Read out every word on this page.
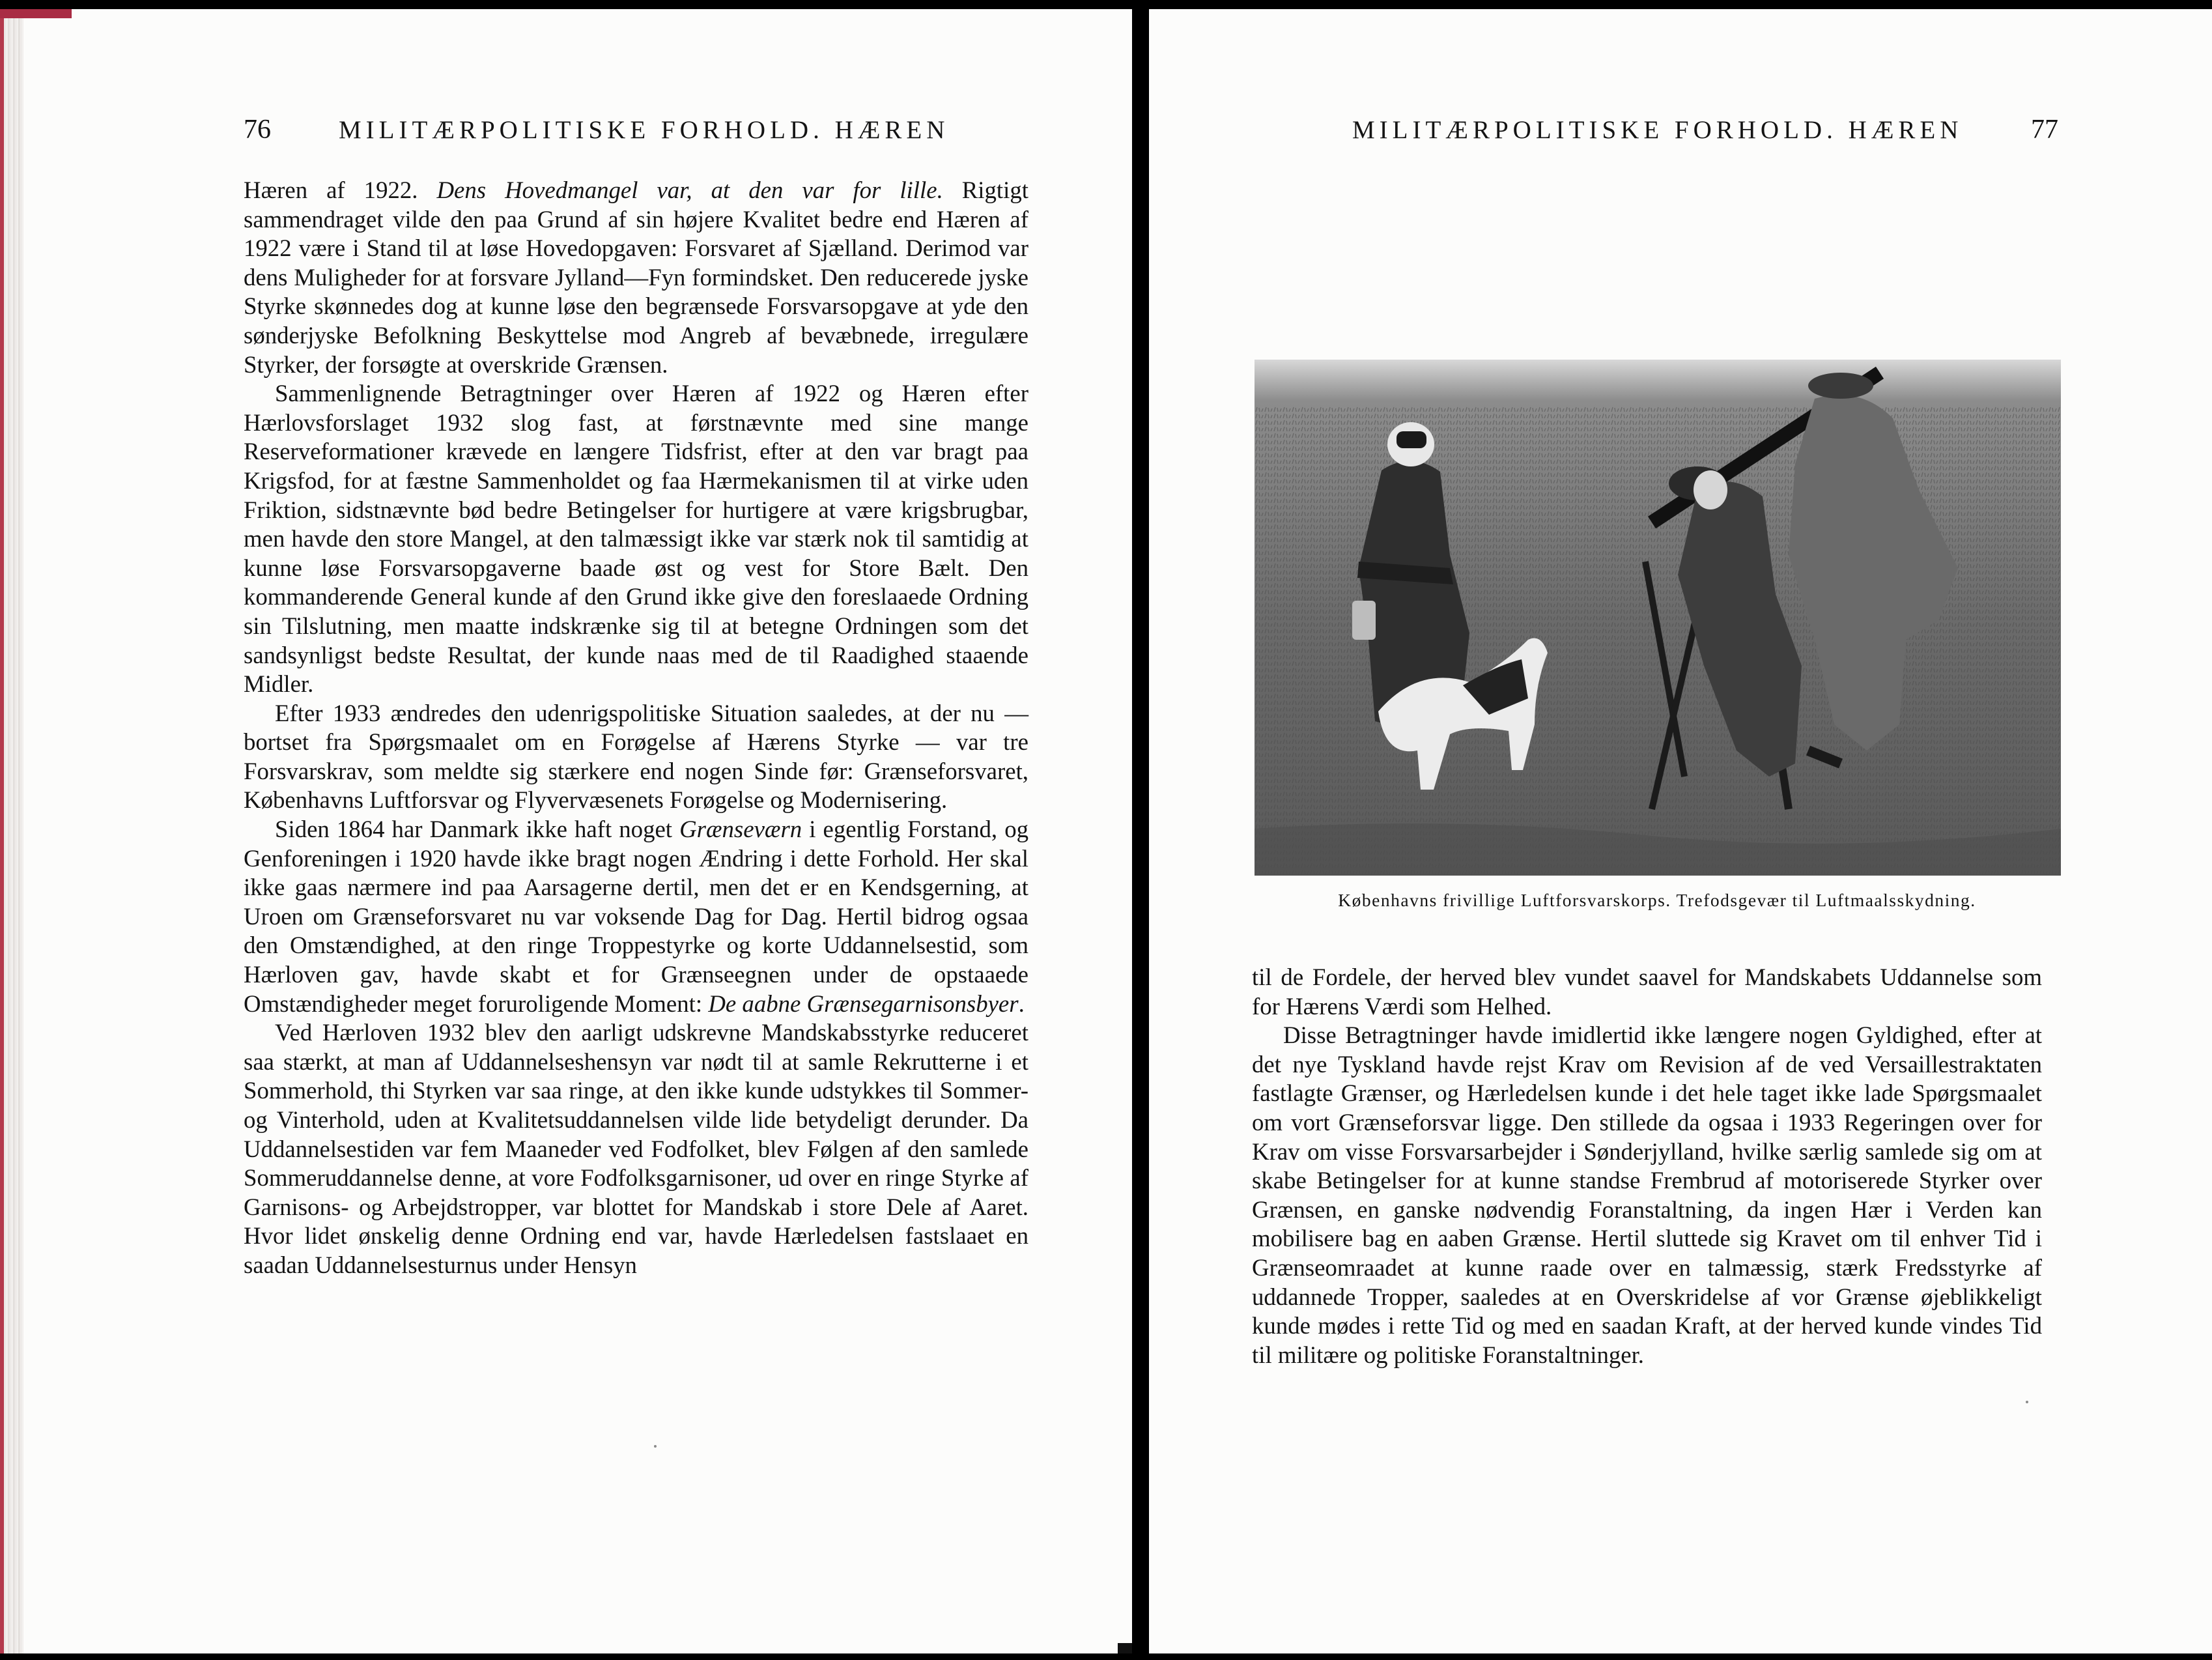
76	MILITÆRPOLITISKE FORHOLD. HÆREN

Hæren af 1922. Dens Hovedmangel var, at den var for lille. Rigtigt sammendraget vilde den paa Grund af sin højere Kvalitet bedre end Hæren af 1922 være i Stand til at løse Hovedopgaven: Forsvaret af Sjælland. Derimod var dens Muligheder for at forsvare Jylland—Fyn formindsket. Den reducerede jyske Styrke skønnedes dog at kunne løse den begrænsede Forsvarsopgave at yde den sønderjyske Befolkning Beskyttelse mod Angreb af bevæbnede, irregulære Styrker, der forsøgte at overskride Grænsen.

Sammenlignende Betragtninger over Hæren af 1922 og Hæren efter Hærlovsforslaget 1932 slog fast, at førstnævnte med sine mange Reserveformationer krævede en længere Tidsfrist, efter at den var bragt paa Krigsfod, for at fæstne Sammenholdet og faa Hærmekanismen til at virke uden Friktion, sidstnævnte bød bedre Betingelser for hurtigere at være krigsbrugbar, men havde den store Mangel, at den talmæssigt ikke var stærk nok til samtidig at kunne løse Forsvarsopgaverne baade øst og vest for Store Bælt. Den kommanderende General kunde af den Grund ikke give den foreslaaede Ordning sin Tilslutning, men maatte indskrænke sig til at betegne Ordningen som det sandsynligst bedste Resultat, der kunde naas med de til Raadighed staaende Midler.

Efter 1933 ændredes den udenrigspolitiske Situation saaledes, at der nu — bortset fra Spørgsmaalet om en Forøgelse af Hærens Styrke — var tre Forsvarskrav, som meldte sig stærkere end nogen Sinde før: Grænseforsvaret, Københavns Luftforsvar og Flyvervæsenets Forøgelse og Modernisering.

Siden 1864 har Danmark ikke haft noget Grænseværn i egentlig Forstand, og Genforeningen i 1920 havde ikke bragt nogen Ændring i dette Forhold. Her skal ikke gaas nærmere ind paa Aarsagerne dertil, men det er en Kendsgerning, at Uroen om Grænseforsvaret nu var voksende Dag for Dag. Hertil bidrog ogsaa den Omstændighed, at den ringe Troppestyrke og korte Uddannelsestid, som Hærloven gav, havde skabt et for Grænseegnen under de opstaaede Omstændigheder meget foruroligende Moment: De aabne Grænsegarnisonsbyer.

Ved Hærloven 1932 blev den aarligt udskrevne Mandskabsstyrke reduceret saa stærkt, at man af Uddannelseshensyn var nødt til at samle Rekrutterne i et Sommerhold, thi Styrken var saa ringe, at den ikke kunde udstykkes til Sommer- og Vinterhold, uden at Kvalitetsuddannelsen vilde lide betydeligt derunder. Da Uddannelsestiden var fem Maaneder ved Fodfolket, blev Følgen af den samlede Sommeruddannelse denne, at vore Fodfolksgarnisoner, ud over en ringe Styrke af Garnisons- og Arbejdstropper, var blottet for Mandskab i store Dele af Aaret. Hvor lidet ønskelig denne Ordning end var, havde Hærledelsen fastslaaet en saadan Uddannelsesturnus under Hensyn

MILITÆRPOLITISKE FORHOLD. HÆREN 77
Københavns frivillige Luftforsvarskorps. Trefodsgevær til Luftmaalsskydning.

til de Fordele, der herved blev vundet saavel for Mandskabets Uddannelse som for Hærens Værdi som Helhed.

Disse Betragtninger havde imidlertid ikke længere nogen Gyldighed, efter at det nye Tyskland havde rejst Krav om Revision af de ved Versaillestraktaten fastlagte Grænser, og Hærledelsen kunde i det hele taget ikke lade Spørgsmaalet om vort Grænseforsvar ligge. Den stillede da ogsaa i 1933 Regeringen over for Krav om visse Forsvarsarbejder i Sønderjylland, hvilke særlig samlede sig om at skabe Betingelser for at kunne standse Frembrud af motoriserede Styrker over Grænsen, en ganske nødvendig Foranstaltning, da ingen Hær i Verden kan mobilisere bag en aaben Grænse. Hertil sluttede sig Kravet om til enhver Tid i Grænseomraadet at kunne raade over en talmæssig, stærk Fredsstyrke af uddannede Tropper, saaledes at en Overskridelse af vor Grænse øjeblikkeligt kunde mødes i rette Tid og med en saadan Kraft, at der herved kunde vindes Tid til militære og politiske Foranstaltninger.
